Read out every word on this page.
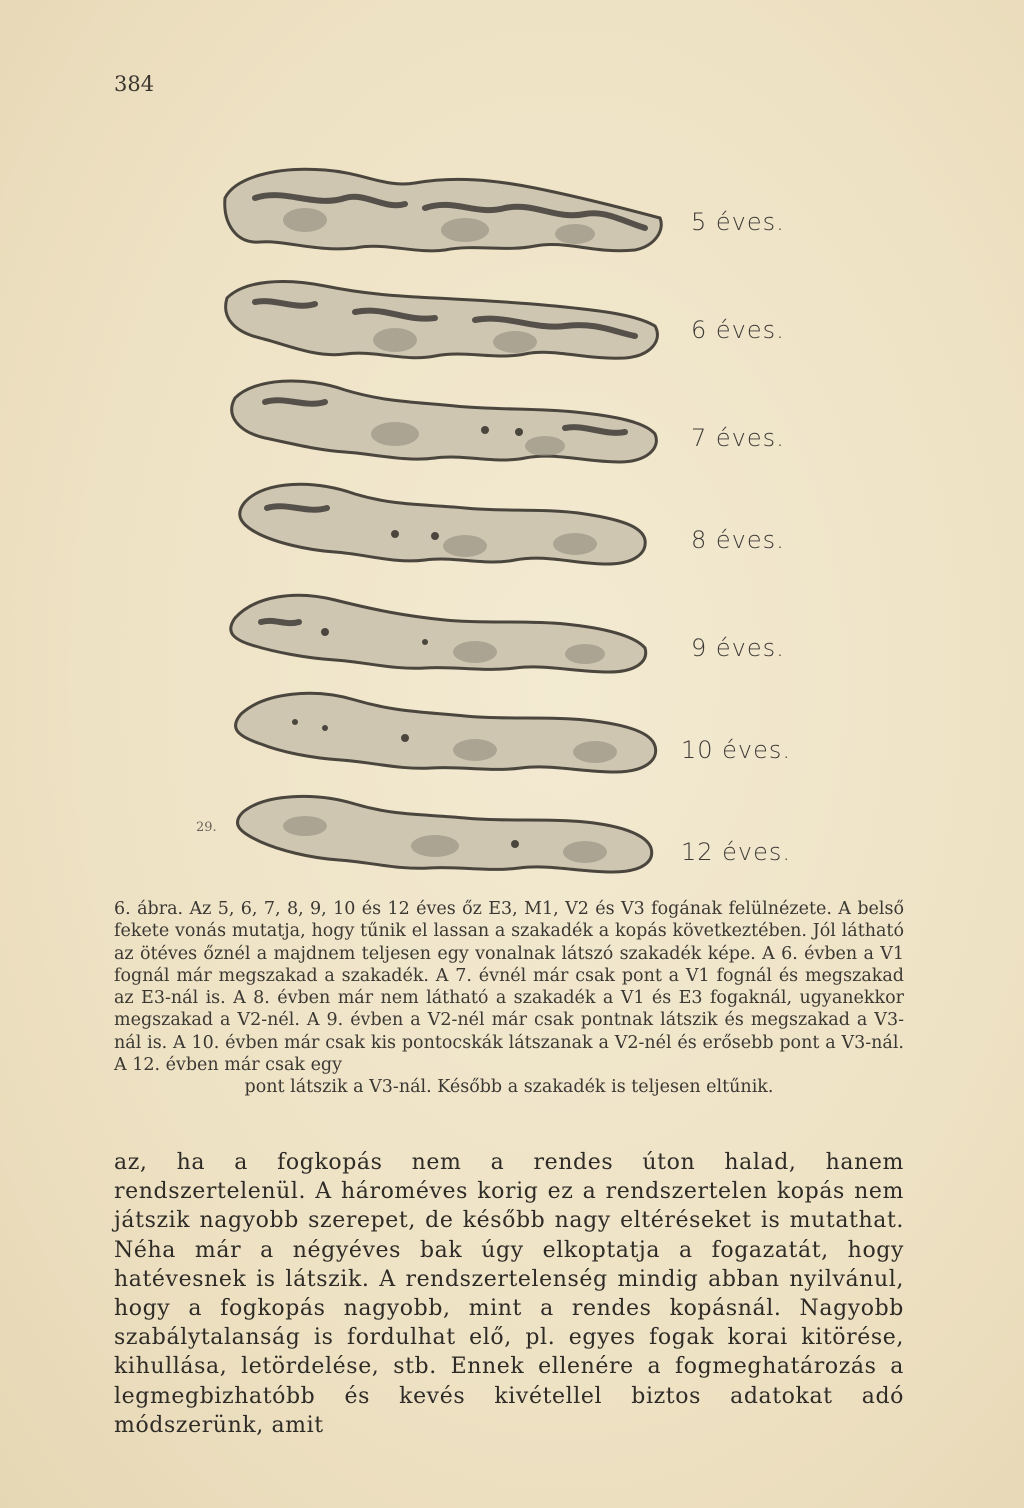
384
5 éves.
6 éves.
7 éves.
8 éves.
9 éves.
10 éves.
12 éves.
29.
6. ábra. Az 5, 6, 7, 8, 9, 10 és 12 éves őz E3, M1, V2 és V3 fogának felülnézete. A belső fekete vonás mutatja, hogy tűnik el lassan a szakadék a kopás következtében. Jól látható az ötéves őznél a majdnem teljesen egy vonalnak látszó szakadék képe. A 6. évben a V1 fognál már megszakad a szakadék. A 7. évnél már csak pont a V1 fognál és megszakad az E3-nál is. A 8. évben már nem látható a szakadék a V1 és E3 fogaknál, ugyanekkor megszakad a V2-nél. A 9. évben a V2-nél már csak pontnak látszik és megszakad a V3-nál is. A 10. évben már csak kis pontocskák látszanak a V2-nél és erősebb pont a V3-nál. A 12. évben már csak egy
pont látszik a V3-nál. Később a szakadék is teljesen eltűnik.
az, ha a fogkopás nem a rendes úton halad, hanem rendszertelenül. A hároméves korig ez a rendszertelen kopás nem játszik nagyobb szerepet, de később nagy eltéréseket is mutathat. Néha már a négyéves bak úgy elkoptatja a fogazatát, hogy hatévesnek is látszik. A rendszertelenség mindig abban nyilvánul, hogy a fogkopás nagyobb, mint a rendes kopásnál. Nagyobb szabálytalanság is fordulhat elő, pl. egyes fogak korai kitörése, kihullása, letördelése, stb. Ennek ellenére a fogmeghatározás a legmegbizhatóbb és kevés kivétellel biztos adatokat adó módszerünk, amit
